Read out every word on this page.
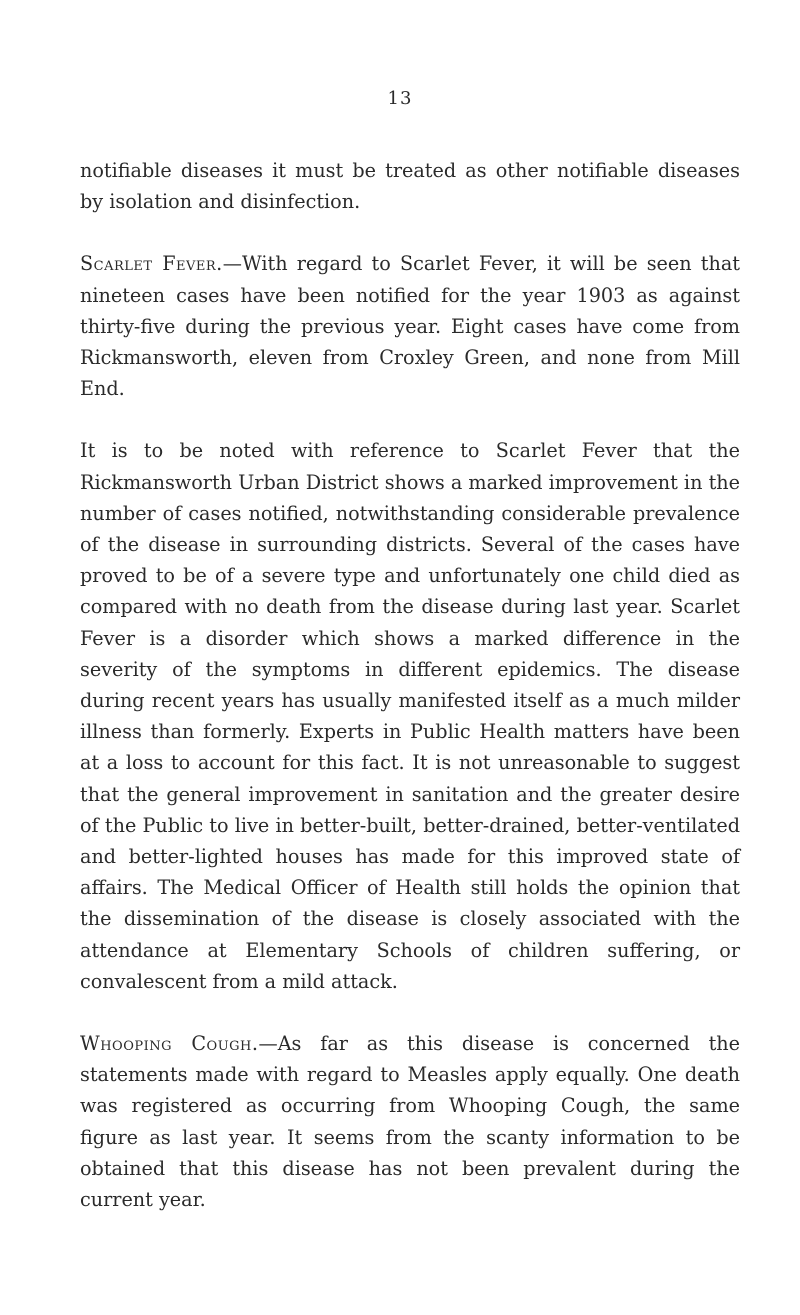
13

notifiable diseases it must be treated as other notifiable diseases by isolation and disinfection.

Scarlet Fever.—With regard to Scarlet Fever, it will be seen that nineteen cases have been notified for the year 1903 as against thirty-five during the previous year. Eight cases have come from Rickmansworth, eleven from Croxley Green, and none from Mill End.

It is to be noted with reference to Scarlet Fever that the Rickmansworth Urban District shows a marked improvement in the number of cases notified, notwithstanding considerable prevalence of the disease in surrounding districts. Several of the cases have proved to be of a severe type and unfortunately one child died as compared with no death from the disease during last year. Scarlet Fever is a disorder which shows a marked difference in the severity of the symptoms in different epidemics. The disease during recent years has usually manifested itself as a much milder illness than formerly. Experts in Public Health matters have been at a loss to account for this fact. It is not unreasonable to suggest that the general improvement in sanitation and the greater desire of the Public to live in better-built, better-drained, better-ventilated and better-lighted houses has made for this improved state of affairs. The Medical Officer of Health still holds the opinion that the dissemination of the disease is closely associated with the attendance at Elementary Schools of children suffering, or convalescent from a mild attack.

Whooping Cough.—As far as this disease is concerned the statements made with regard to Measles apply equally. One death was registered as occurring from Whooping Cough, the same figure as last year. It seems from the scanty information to be obtained that this disease has not been prevalent during the current year.
